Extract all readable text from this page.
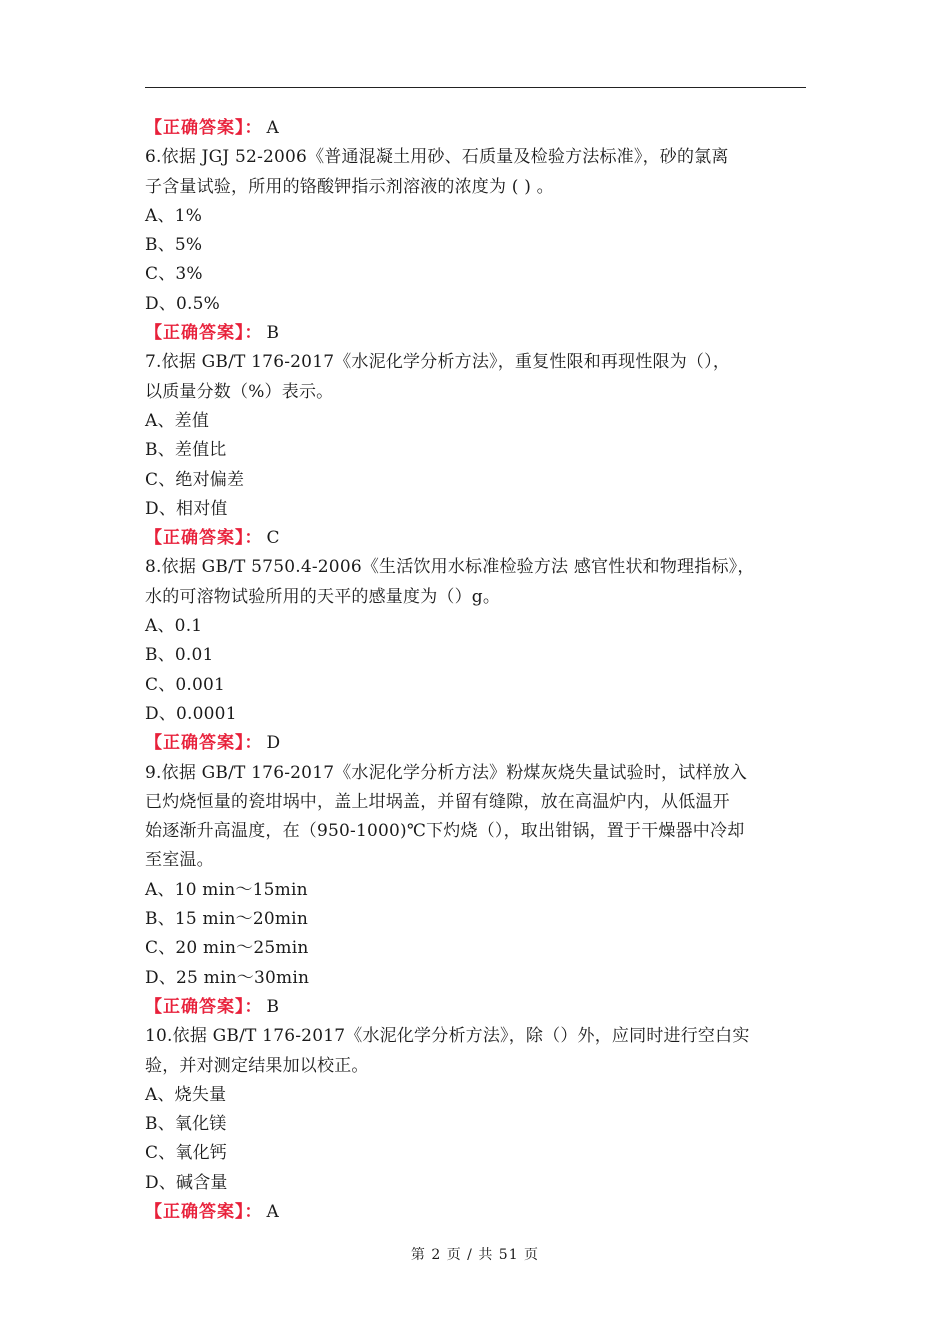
【正确答案】： A
6.依据 JGJ 52-2006《普通混凝土用砂、石质量及检验方法标准》，砂的氯离
子含量试验，所用的铬酸钾指示剂溶液的浓度为 ( ) 。
A、1%
B、5%
C、3%
D、0.5%
【正确答案】： B
7.依据 GB/T 176-2017《水泥化学分析方法》，重复性限和再现性限为（），
以质量分数（%）表示。
A、差值
B、差值比
C、绝对偏差
D、相对值
【正确答案】： C
8.依据 GB/T 5750.4-2006《生活饮用水标准检验方法 感官性状和物理指标》，
水的可溶物试验所用的天平的感量度为（）g。
A、0.1
B、0.01
C、0.001
D、0.0001
【正确答案】： D
9.依据 GB/T 176-2017《水泥化学分析方法》粉煤灰烧失量试验时，试样放入
已灼烧恒量的瓷坩埚中，盖上坩埚盖，并留有缝隙，放在高温炉内，从低温开
始逐渐升高温度，在（950-1000)℃下灼烧（），取出钳锅，置于干燥器中冷却
至室温。
A、10 min～15min
B、15 min～20min
C、20 min～25min
D、25 min～30min
【正确答案】： B
10.依据 GB/T 176-2017《水泥化学分析方法》，除（）外，应同时进行空白实
验，并对测定结果加以校正。
A、烧失量
B、氧化镁
C、氧化钙
D、碱含量
【正确答案】： A
第 2 页 / 共 51 页
